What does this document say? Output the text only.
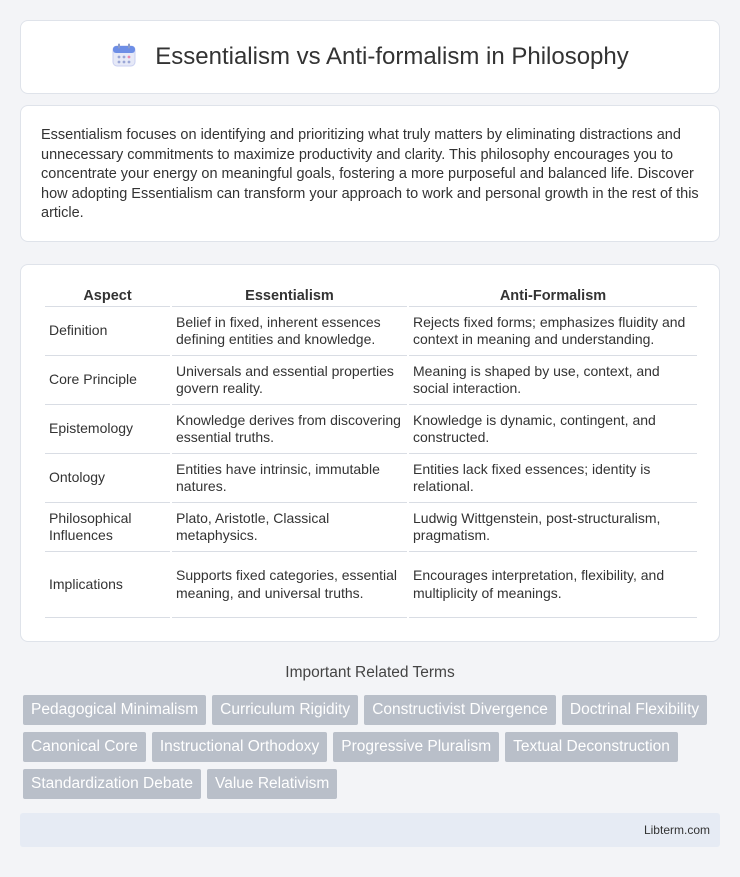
Essentialism vs Anti-formalism in Philosophy

Essentialism focuses on identifying and prioritizing what truly matters by eliminating distractions and unnecessary commitments to maximize productivity and clarity. This philosophy encourages you to concentrate your energy on meaningful goals, fostering a more purposeful and balanced life. Discover how adopting Essentialism can transform your approach to work and personal growth in the rest of this article.

Aspect	Essentialism	Anti-Formalism
Definition	Belief in fixed, inherent essences defining entities and knowledge.	Rejects fixed forms; emphasizes fluidity and context in meaning and understanding.
Core Principle	Universals and essential properties govern reality.	Meaning is shaped by use, context, and social interaction.
Epistemology	Knowledge derives from discovering essential truths.	Knowledge is dynamic, contingent, and constructed.
Ontology	Entities have intrinsic, immutable natures.	Entities lack fixed essences; identity is relational.
Philosophical Influences	Plato, Aristotle, Classical metaphysics.	Ludwig Wittgenstein, post-structuralism, pragmatism.
Implications	Supports fixed categories, essential meaning, and universal truths.	Encourages interpretation, flexibility, and multiplicity of meanings.
Important Related Terms
Pedagogical Minimalism	Curriculum Rigidity	Constructivist Divergence	Doctrinal Flexibility
Canonical Core	Instructional Orthodoxy	Progressive Pluralism	Textual Deconstruction
Standardization Debate	Value Relativism
Libterm.com
